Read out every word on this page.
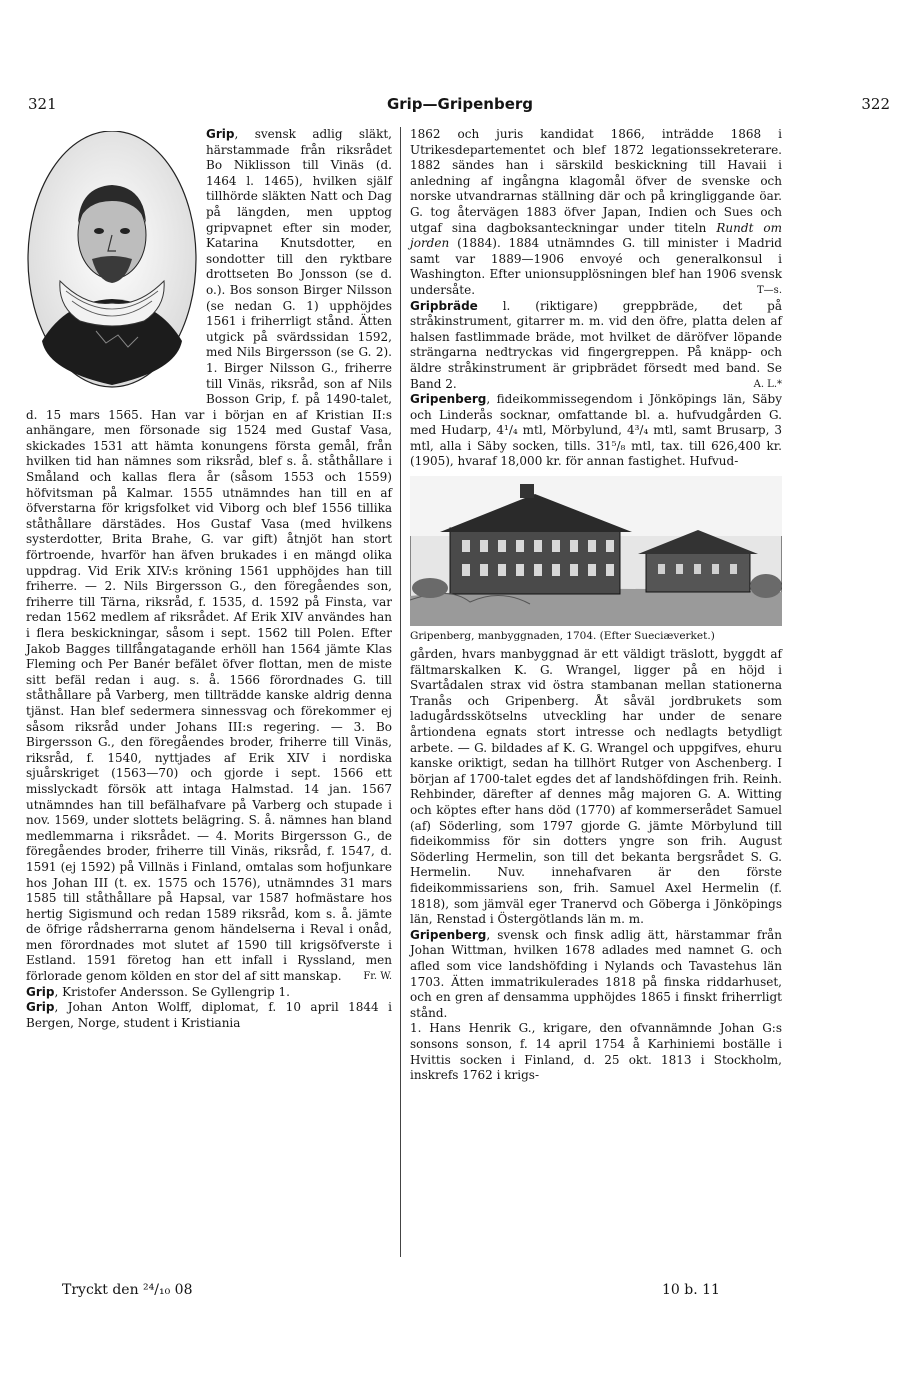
321	Grip—Gripenberg	322

Grip
, svensk adlig släkt, härstammade från riksrådet Bo Niklisson till Vinäs (d. 1464 l. 1465), hvilken själf tillhörde släkten Natt och Dag på längden, men upptog gripvapnet efter sin moder, Katarina Knutsdotter, en sondotter till den ryktbare drottseten Bo Jonsson (se d. o.). Bos sonson Birger Nilsson (se nedan G. 1) upphöjdes 1561 i friherrligt stånd. Ätten utgick på svärdssidan 1592, med Nils Birgersson (se G. 2). 1. Birger Nilsson G., friherre till Vinäs, riksråd, son af Nils Bosson Grip, f. på 1490-talet, d. 15 mars 1565. Han var i början en af Kristian II:s anhängare, men försonade sig 1524 med Gustaf Vasa, skickades 1531 att hämta konungens första gemål, från hvilken tid han nämnes som riksråd, blef s. å. ståthållare i Småland och kallas flera år (såsom 1553 och 1559) höfvitsman på Kalmar. 1555 utnämndes han till en af öfverstarna för krigsfolket vid Viborg och blef 1556 tillika ståthållare därstädes. Hos Gustaf Vasa (med hvilkens systerdotter, Brita Brahe, G. var gift) åtnjöt han stort förtroende, hvarför han äfven brukades i en mängd olika uppdrag. Vid Erik XIV:s kröning 1561 upphöjdes han till friherre. — 2. Nils Birgersson G., den föregåendes son, friherre till Tärna, riksråd, f. 1535, d. 1592 på Finsta, var redan 1562 medlem af riksrådet. Af Erik XIV användes han i flera beskickningar, såsom i sept. 1562 till Polen. Efter Jakob Bagges tillfångatagande erhöll han 1564 jämte Klas Fleming och Per Banér befälet öfver flottan, men de miste sitt befäl redan i aug. s. å. 1566 förordnades G. till ståthållare på Varberg, men tillträdde kanske aldrig denna tjänst. Han blef sedermera sinnessvag och förekommer ej såsom riksråd under Johans III:s regering. — 3. Bo Birgersson G., den föregåendes broder, friherre till Vinäs, riksråd, f. 1540, nyttjades af Erik XIV i nordiska sjuårskriget (1563—70) och gjorde i sept. 1566 ett misslyckadt försök att intaga Halmstad. 14 jan. 1567 utnämndes han till befälhafvare på Varberg och stupade i nov. 1569, under slottets belägring. S. å. nämnes han bland medlemmarna i riksrådet. — 4. Morits Birgersson G., de föregåendes broder, friherre till Vinäs, riksråd, f. 1547, d. 1591 (ej 1592) på Villnäs i Finland, omtalas som hofjunkare hos Johan III (t. ex. 1575 och 1576), utnämndes 31 mars 1585 till ståthållare på Hapsal, var 1587 hofmästare hos hertig Sigismund och redan 1589 riksråd, kom s. å. jämte de öfrige rådsherrarna genom händelserna i Reval i onåd, men förordnades mot slutet af 1590 till krigsöfverste i Estland. 1591 företog han ett infall i Ryssland, men förlorade genom kölden en stor del af sitt manskap. Fr. W.

Grip, Kristofer Andersson. Se Gyllengrip 1.

Grip, Johan Anton Wolff, diplomat, f. 10 april 1844 i Bergen, Norge, student i Kristiania

1862 och juris kandidat 1866, inträdde 1868 i Utrikesdepartementet och blef 1872 legationssekreterare. 1882 sändes han i särskild beskickning till Havaii i anledning af ingångna klagomål öfver de svenske och norske utvandrarnas ställning där och på kringliggande öar. G. tog återvägen 1883 öfver Japan, Indien och Sues och utgaf sina dagboksanteckningar under titeln Rundt om jorden (1884). 1884 utnämndes G. till minister i Madrid samt var 1889—1906 envoyé och generalkonsul i Washington. Efter unionsupplösningen blef han 1906 svensk undersåte.	T—s.

Gripbräde l. (riktigare) greppbräde, det på stråkinstrument, gitarrer m. m. vid den öfre, platta delen af halsen fastlimmade bräde, mot hvilket de däröfver löpande strängarna nedtryckas vid fingergreppen. På knäpp- och äldre stråkinstrument är gripbrädet försedt med band. Se Band 2.	A. L.*

Gripenberg, fideikommissegendom i Jönköpings län, Säby och Linderås socknar, omfattande bl. a. hufvudgården G. med Hudarp, 4¹/₄ mtl, Mörbylund, 4³/₄ mtl, samt Brusarp, 3 mtl, alla i Säby socken, tills. 31⁵/₈ mtl, tax. till 626,400 kr. (1905), hvaraf 18,000 kr. för annan fastighet. Hufvud-

Gripenberg, manbyggnaden, 1704. (Efter Sueciæverket.)

gården, hvars manbyggnad är ett väldigt träslott, byggdt af fältmarskalken K. G. Wrangel, ligger på en höjd i Svartådalen strax vid östra stambanan mellan stationerna Tranås och Gripenberg. Åt såväl jordbrukets som ladugårdsskötselns utveckling har under de senare årtiondena egnats stort intresse och nedlagts betydligt arbete. — G. bildades af K. G. Wrangel och uppgifves, ehuru kanske oriktigt, sedan ha tillhört Rutger von Aschenberg. I början af 1700-talet egdes det af landshöfdingen frih. Reinh. Rehbinder, därefter af dennes måg majoren G. A. Witting och köptes efter hans död (1770) af kommerserådet Samuel (af) Söderling, som 1797 gjorde G. jämte Mörbylund till fideikommiss för sin dotters yngre son frih. August Söderling Hermelin, son till det bekanta bergsrådet S. G. Hermelin. Nuv. innehafvaren är den förste fideikommissariens son, frih. Samuel Axel Hermelin (f. 1818), som jämväl eger Tranervd och Göberga i Jönköpings län, Renstad i Östergötlands län m. m.

Gripenberg, svensk och finsk adlig ätt, härstammar från Johan Wittman, hvilken 1678 adlades med namnet G. och afled som vice landshöfding i Nylands och Tavastehus län 1703. Ätten immatrikulerades 1818 på finska riddarhuset, och en gren af densamma upphöjdes 1865 i finskt friherrligt stånd.

1. Hans Henrik G., krigare, den ofvannämnde Johan G:s sonsons sonson, f. 14 april 1754 å Karhiniemi boställe i Hvittis socken i Finland, d. 25 okt. 1813 i Stockholm, inskrefs 1762 i krigs-

Tryckt den ²⁴/₁₀ 08	10 b. 11
